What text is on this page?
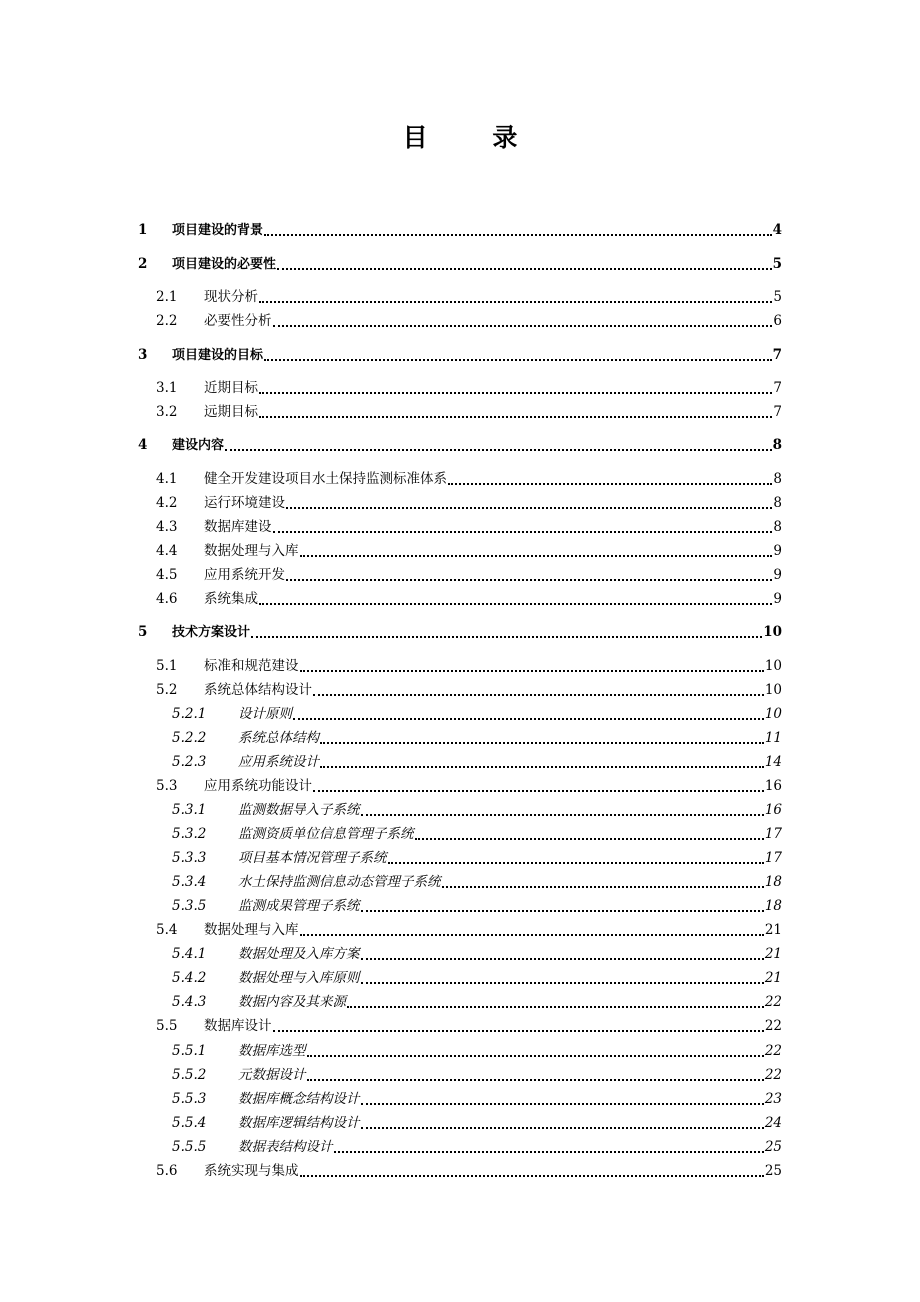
目 录
1	项目建设的背景	4
2	项目建设的必要性	5
2.1	现状分析	5
2.2	必要性分析	6
3	项目建设的目标	7
3.1	近期目标	7
3.2	远期目标	7
4	建设内容	8
4.1	健全开发建设项目水土保持监测标准体系	8
4.2	运行环境建设	8
4.3	数据库建设	8
4.4	数据处理与入库	9
4.5	应用系统开发	9
4.6	系统集成	9
5	技术方案设计	10
5.1	标准和规范建设	10
5.2	系统总体结构设计	10
5.2.1	设计原则	10
5.2.2	系统总体结构	11
5.2.3	应用系统设计	14
5.3	应用系统功能设计	16
5.3.1	监测数据导入子系统	16
5.3.2	监测资质单位信息管理子系统	17
5.3.3	项目基本情况管理子系统	17
5.3.4	水土保持监测信息动态管理子系统	18
5.3.5	监测成果管理子系统	18
5.4	数据处理与入库	21
5.4.1	数据处理及入库方案	21
5.4.2	数据处理与入库原则	21
5.4.3	数据内容及其来源	22
5.5	数据库设计	22
5.5.1	数据库选型	22
5.5.2	元数据设计	22
5.5.3	数据库概念结构设计	23
5.5.4	数据库逻辑结构设计	24
5.5.5	数据表结构设计	25
5.6	系统实现与集成	25
